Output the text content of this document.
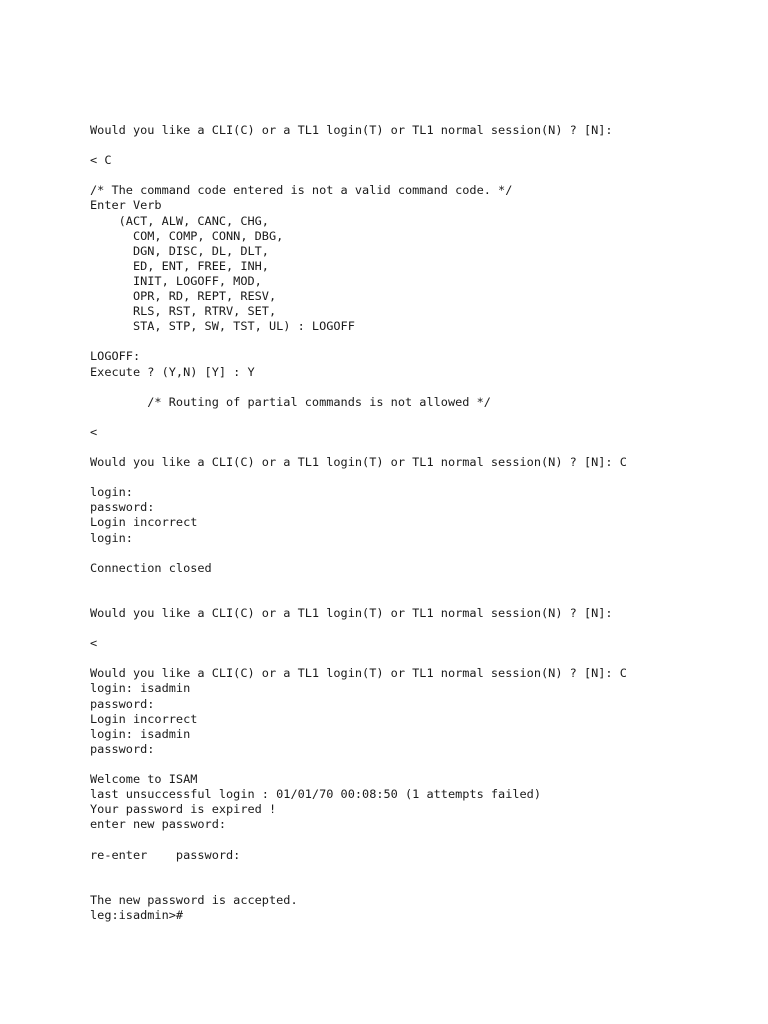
Would you like a CLI(C) or a TL1 login(T) or TL1 normal session(N) ? [N]:
< C
/* The command code entered is not a valid command code. */
Enter Verb
(ACT, ALW, CANC, CHG,
COM, COMP, CONN, DBG,
DGN, DISC, DL, DLT,
ED, ENT, FREE, INH,
INIT, LOGOFF, MOD,
OPR, RD, REPT, RESV,
RLS, RST, RTRV, SET,
STA, STP, SW, TST, UL) : LOGOFF
LOGOFF:
Execute ? (Y,N) [Y] : Y
/* Routing of partial commands is not allowed */
<
Would you like a CLI(C) or a TL1 login(T) or TL1 normal session(N) ? [N]: C
login:
password:
Login incorrect
login:
Connection closed
Would you like a CLI(C) or a TL1 login(T) or TL1 normal session(N) ? [N]:
<
Would you like a CLI(C) or a TL1 login(T) or TL1 normal session(N) ? [N]: C
login: isadmin
password:
Login incorrect
login: isadmin
password:
Welcome to ISAM
last unsuccessful login : 01/01/70 00:08:50 (1 attempts failed)
Your password is expired !
enter new password:
re-enter    password:
The new password is accepted.
leg:isadmin>#
